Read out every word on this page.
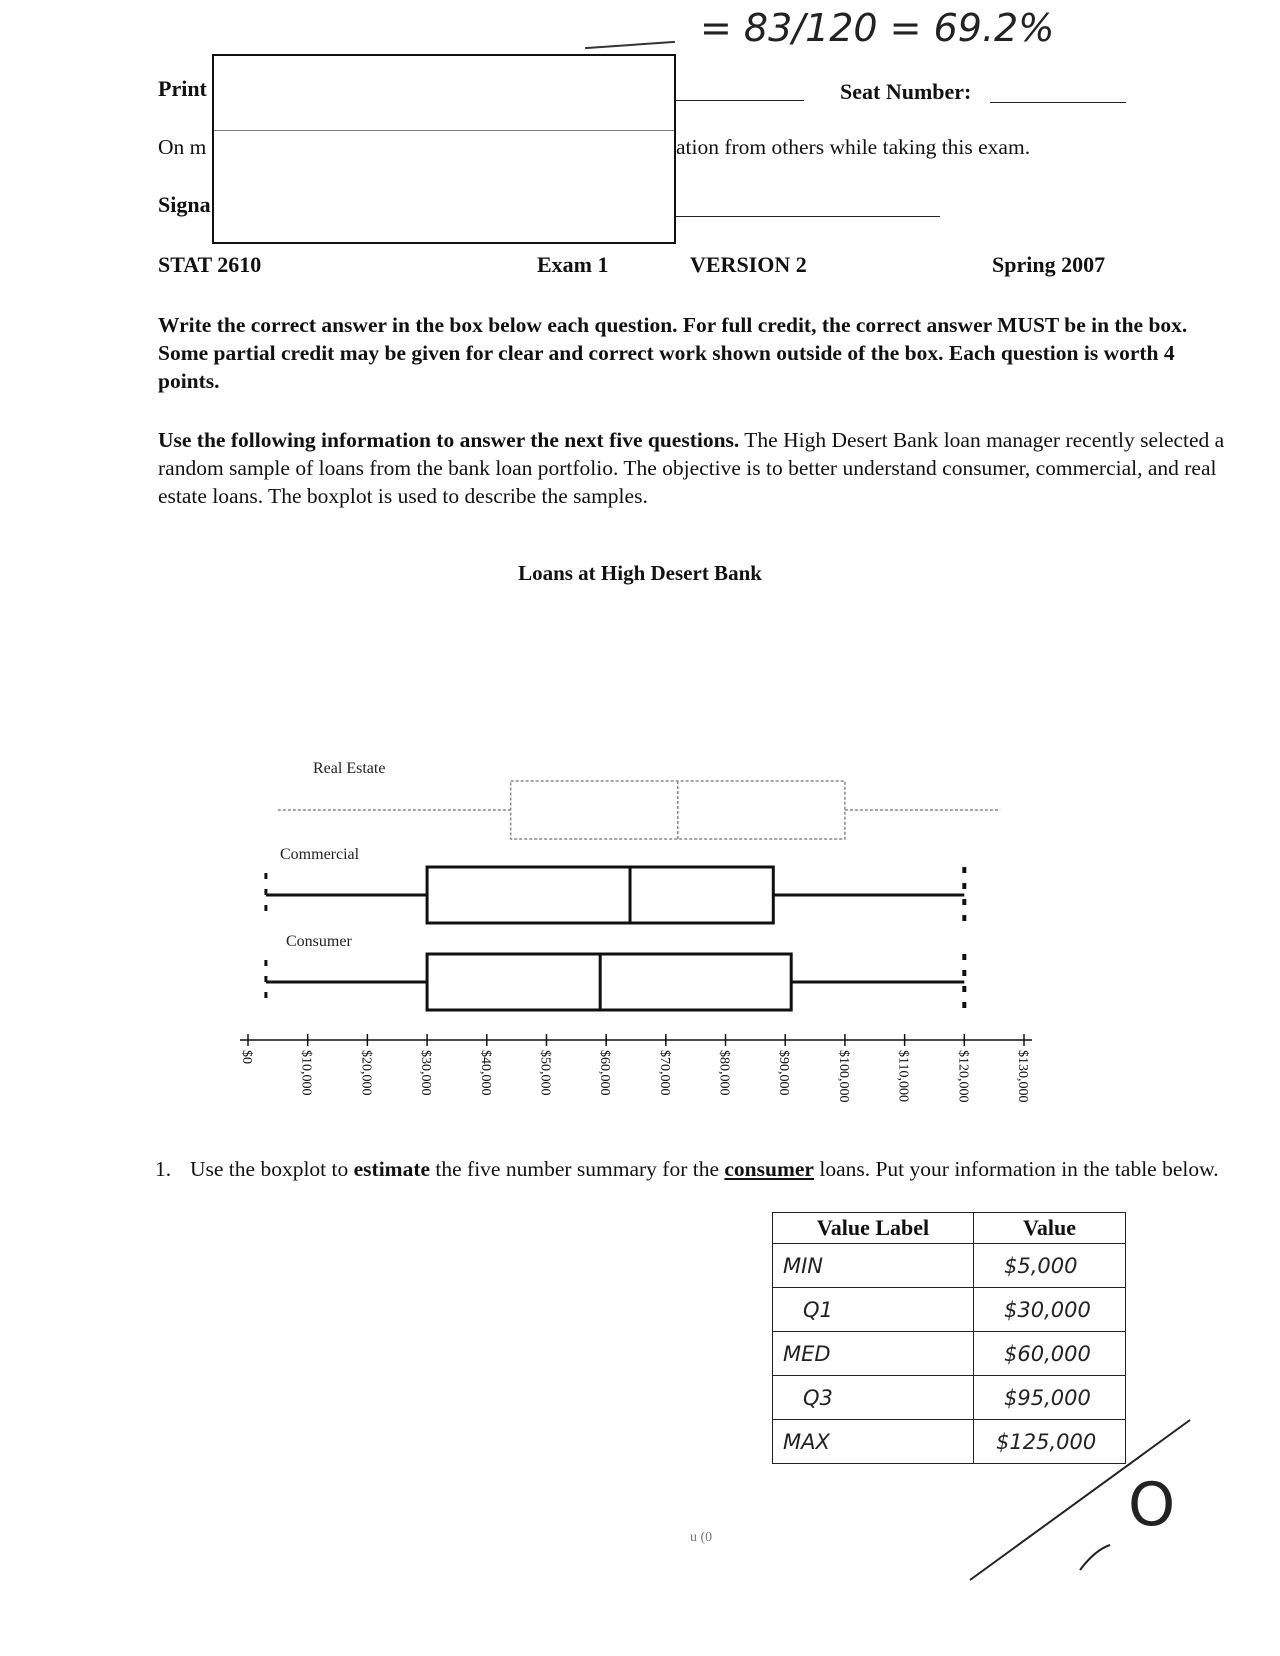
= 83/120 = 69.2%
Print	Seat Number:
On m	ation from others while taking this exam.
Signa
STAT 2610	Exam 1	VERSION 2	Spring 2007
Write the correct answer in the box below each question. For full credit, the correct answer MUST be in the box. Some partial credit may be given for clear and correct work shown outside of the box. Each question is worth 4 points.
Use the following information to answer the next five questions. The High Desert Bank loan manager recently selected a random sample of loans from the bank loan portfolio. The objective is to better understand consumer, commercial, and real estate loans. The boxplot is used to describe the samples.
Loans at High Desert Bank
Real Estate
Commercial
Consumer
$0	$10,000	$20,000	$30,000	$40,000	$50,000	$60,000	$70,000	$80,000	$90,000	$100,000	$110,000	$120,000	$130,000
1. Use the boxplot to estimate the five number summary for the consumer loans. Put your information in the table below.
Value Label	Value
MIN	$5,000
Q1	$30,000
MED	$60,000
Q3	$95,000
MAX	$125,000
O
u (0
